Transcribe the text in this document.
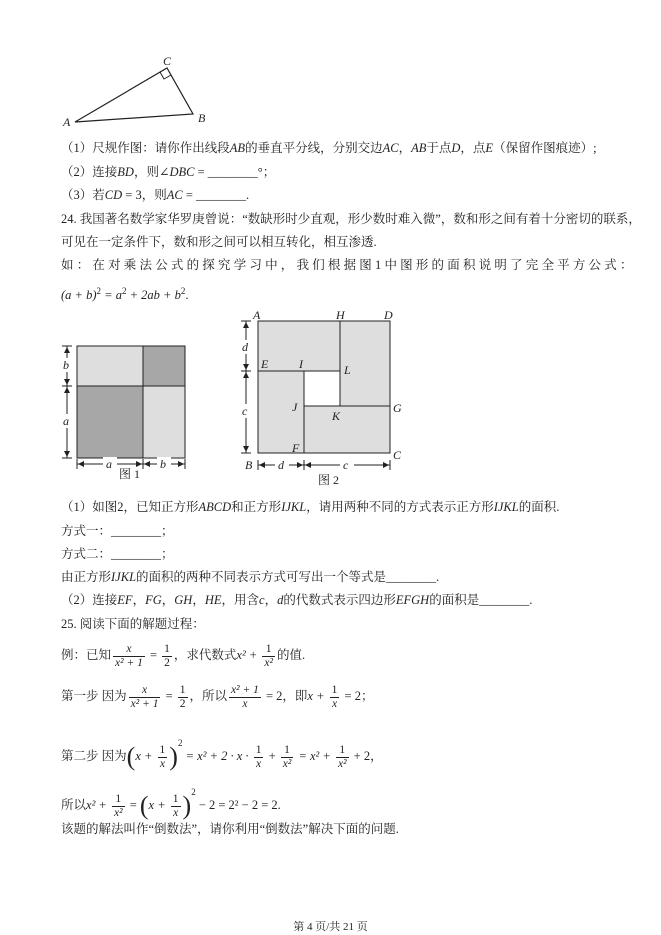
A	B
C
（1）尺规作图：请你作出线段AB的垂直平分线，分别交边AC，AB于点D，点E（保留作图痕迹）;
（2）连接BD，则∠DBC = ________°；
（3）若CD = 3，则AC = ________.
24. 我国著名数学家华罗庚曾说：“数缺形时少直观，形少数时难入微”，数和形之间有着十分密切的联系，
可见在一定条件下，数和形之间可以相互转化，相互渗透.
如：在对乘法公式的探究学习中，我们根据图1中图形的面积说明了完全平方公式：
$(a + b)^2 = a^2 + 2ab + b^2$.
b
a
a	b
图 1
d
c
d	c
A	H	D
E	I	L
J
K
G
F
B
C
图 2
（1）如图2，已知正方形ABCD和正方形IJKL，请用两种不同的方式表示正方形IJKL的面积.
方式一：________；
方式二：________；
由正方形IJKL的面积的两种不同表示方式可写出一个等式是________.
（2）连接EF，FG，GH，HE，用含c，d的代数式表示四边形EFGH的面积是________.
25. 阅读下面的解题过程：
例：已知 $\frac{x}{\text{x² + 1}} = \frac{1}{2}$ ，求代数式$x^2 + \frac{1}{\text{x²}}$ 的值.
第一步 因为 $\frac{x}{\text{x² + 1}} = \frac{1}{2}$ ，所以 $\frac{\text{x² + 1}}{x} = 2$，即$x + \frac{1}{x} = 2$；
第二步 因为$(x + \frac{1}{x} )^2 = x^2 + 2 \cdot x \cdot \frac{1}{x} + \frac{1}{\text{x²}} = x^2 + \frac{1}{\text{x²}} + 2$，
所以$x^2 + \frac{1}{\text{x²}} = (x + \frac{1}{x} )^2 - 2 = 2^2 - 2 = 2$.
该题的解法叫作“倒数法”，请你利用“倒数法”解决下面的问题.
第 4 页/共 21 页
